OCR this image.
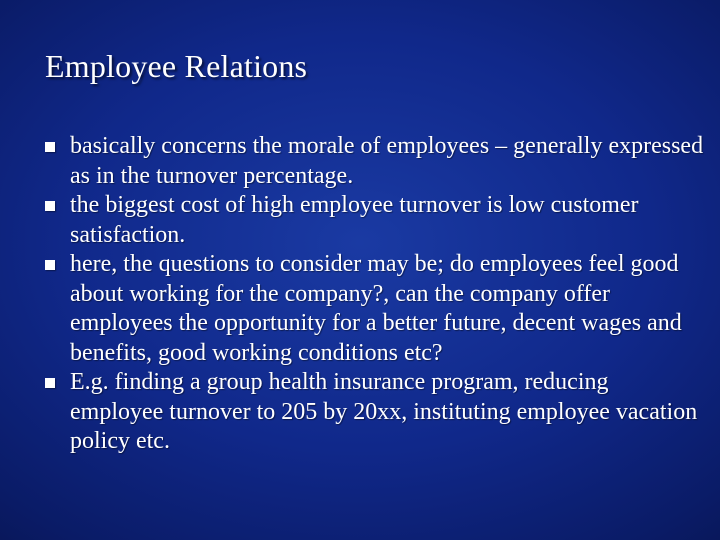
Employee Relations
basically concerns the morale of employees – generally expressed as in the turnover percentage.
the biggest cost of high employee turnover is low customer satisfaction.
here, the questions to consider may be; do employees feel good about working for the company?, can the company offer employees the opportunity for a better future, decent wages and benefits, good working conditions etc?
E.g. finding a group health insurance program, reducing employee turnover to 205 by 20xx, instituting employee vacation policy etc.
